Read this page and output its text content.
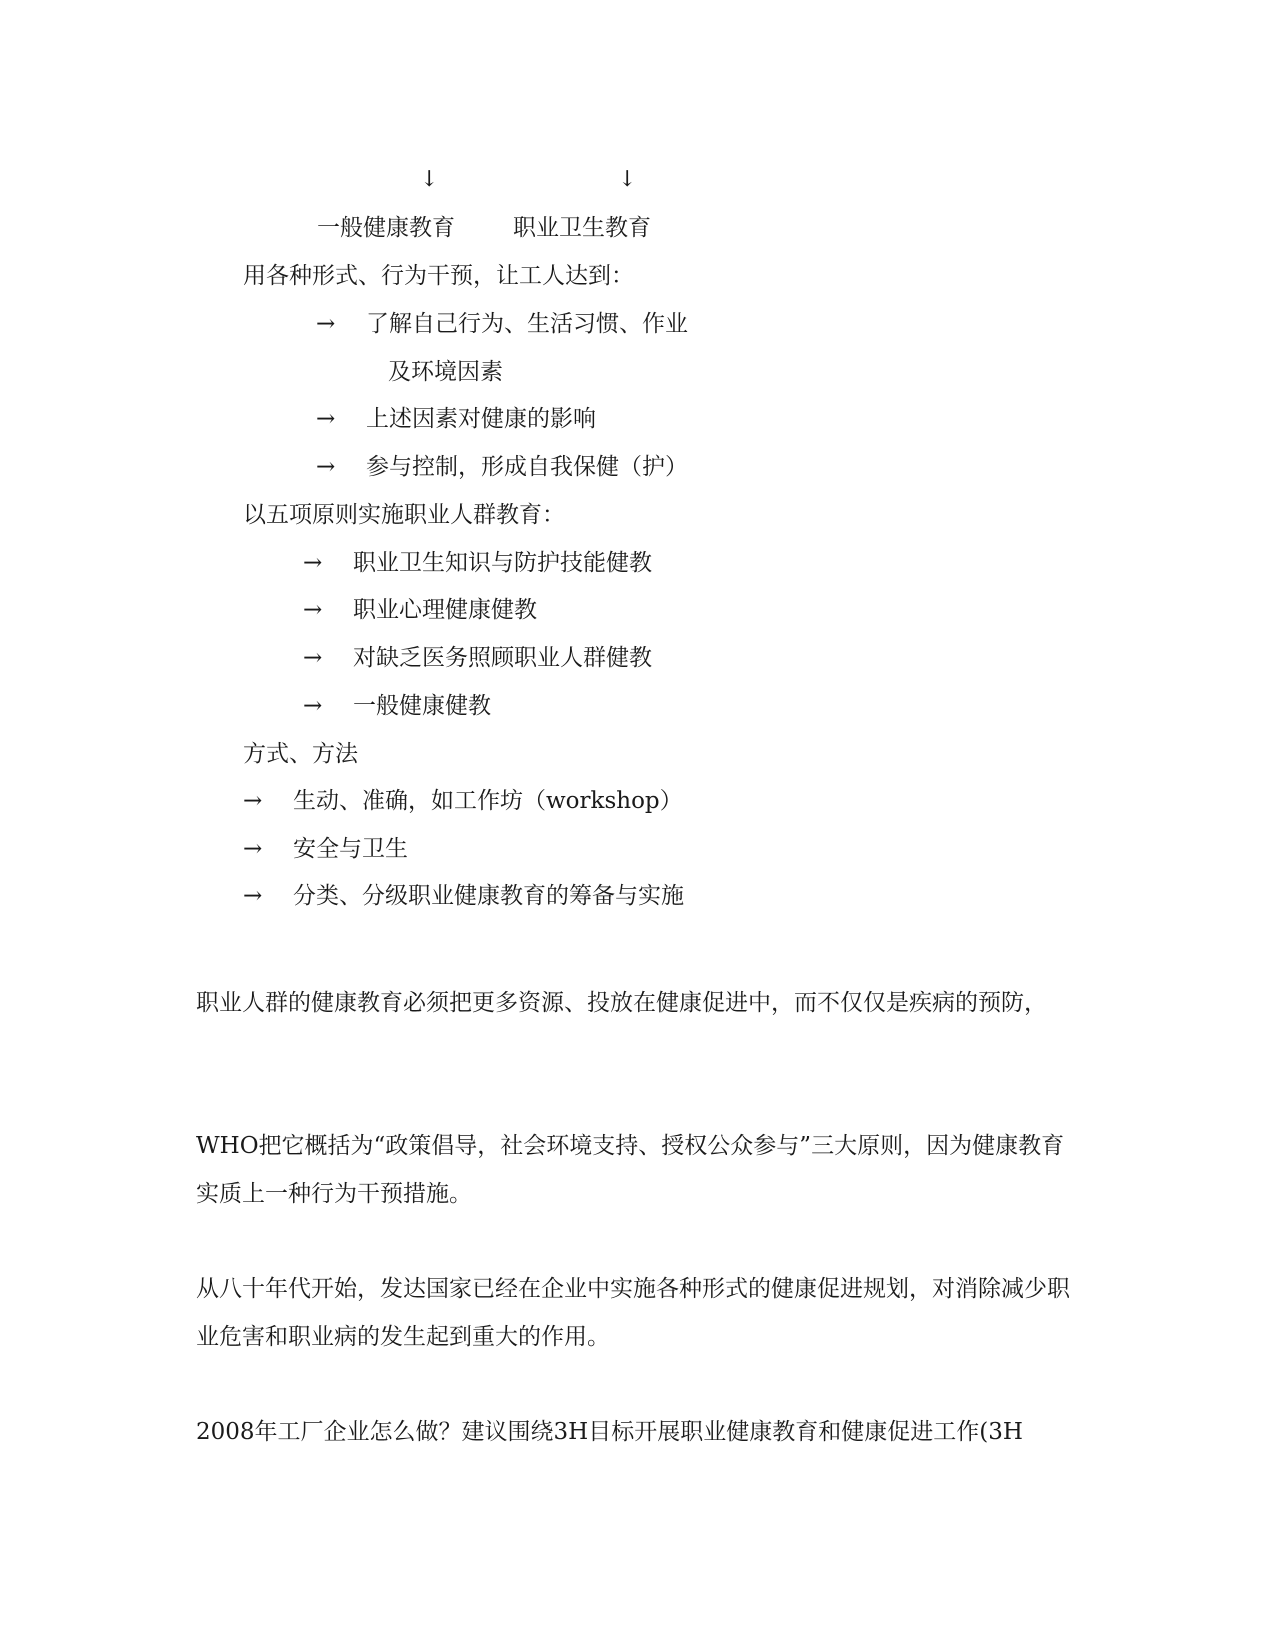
↓	↓
一般健康教育	职业卫生教育
用各种形式、行为干预，让工人达到：
→ 了解自己行为、生活习惯、作业
及环境因素
→ 上述因素对健康的影响
→ 参与控制，形成自我保健（护）
以五项原则实施职业人群教育：
→ 职业卫生知识与防护技能健教
→ 职业心理健康健教
→ 对缺乏医务照顾职业人群健教
→ 一般健康健教
方式、方法
→ 生动、准确，如工作坊（workshop）
→ 安全与卫生
→ 分类、分级职业健康教育的筹备与实施
职业人群的健康教育必须把更多资源、投放在健康促进中，而不仅仅是疾病的预防，
WHO把它概括为“政策倡导，社会环境支持、授权公众参与”三大原则，因为健康教育实质上一种行为干预措施。
从八十年代开始，发达国家已经在企业中实施各种形式的健康促进规划，对消除减少职业危害和职业病的发生起到重大的作用。
2008年工厂企业怎么做？建议围绕3H目标开展职业健康教育和健康促进工作(3H
